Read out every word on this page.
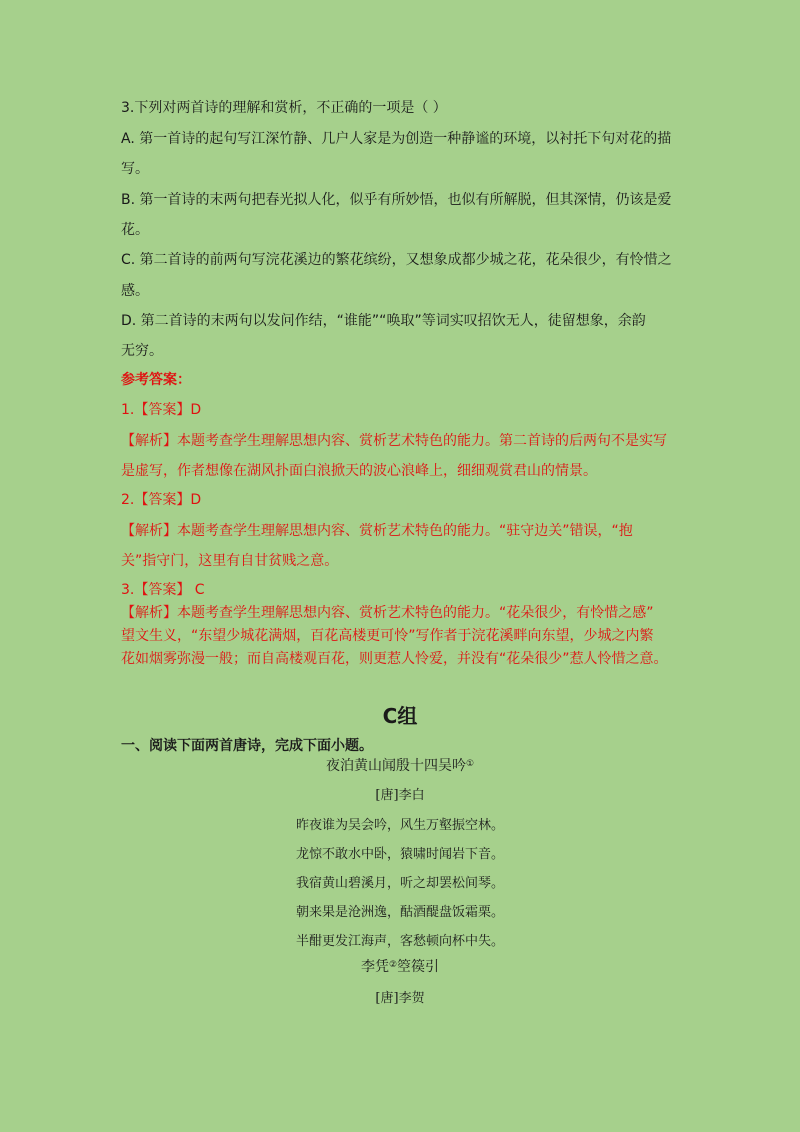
3.下列对两首诗的理解和赏析，不正确的一项是（ ）
A. 第一首诗的起句写江深竹静、几户人家是为创造一种静谧的环境，以衬托下句对花的描
写。
B. 第一首诗的末两句把春光拟人化，似乎有所妙悟，也似有所解脱，但其深情，仍该是爱
花。
C. 第二首诗的前两句写浣花溪边的繁花缤纷，又想象成都少城之花，花朵很少，有怜惜之
感。
D. 第二首诗的末两句以发问作结，“谁能”“唤取”等词实叹招饮无人，徒留想象，余韵
无穷。
参考答案：
1.【答案】D
【解析】本题考查学生理解思想内容、赏析艺术特色的能力。第二首诗的后两句不是实写
是虚写，作者想像在湖风扑面白浪掀天的波心浪峰上，细细观赏君山的情景。
2.【答案】D
【解析】本题考查学生理解思想内容、赏析艺术特色的能力。“驻守边关”错误，“抱
关”指守门，这里有自甘贫贱之意。
3.【答案】 C
【解析】本题考查学生理解思想内容、赏析艺术特色的能力。“花朵很少，有怜惜之感”
望文生义，“东望少城花满烟，百花高楼更可怜”写作者于浣花溪畔向东望，少城之内繁
花如烟雾弥漫一般；而自高楼观百花，则更惹人怜爱，并没有“花朵很少”惹人怜惜之意。
C组
一、阅读下面两首唐诗，完成下面小题。
夜泊黄山闻殷十四吴吟①
[唐]李白
昨夜谁为吴会吟，风生万壑振空林。
龙惊不敢水中卧，猿啸时闻岩下音。
我宿黄山碧溪月，听之却罢松间琴。
朝来果是沧洲逸，酤酒醍盘饭霜栗。
半酣更发江海声，客愁顿向杯中失。
李凭②箜篌引
[唐]李贺
